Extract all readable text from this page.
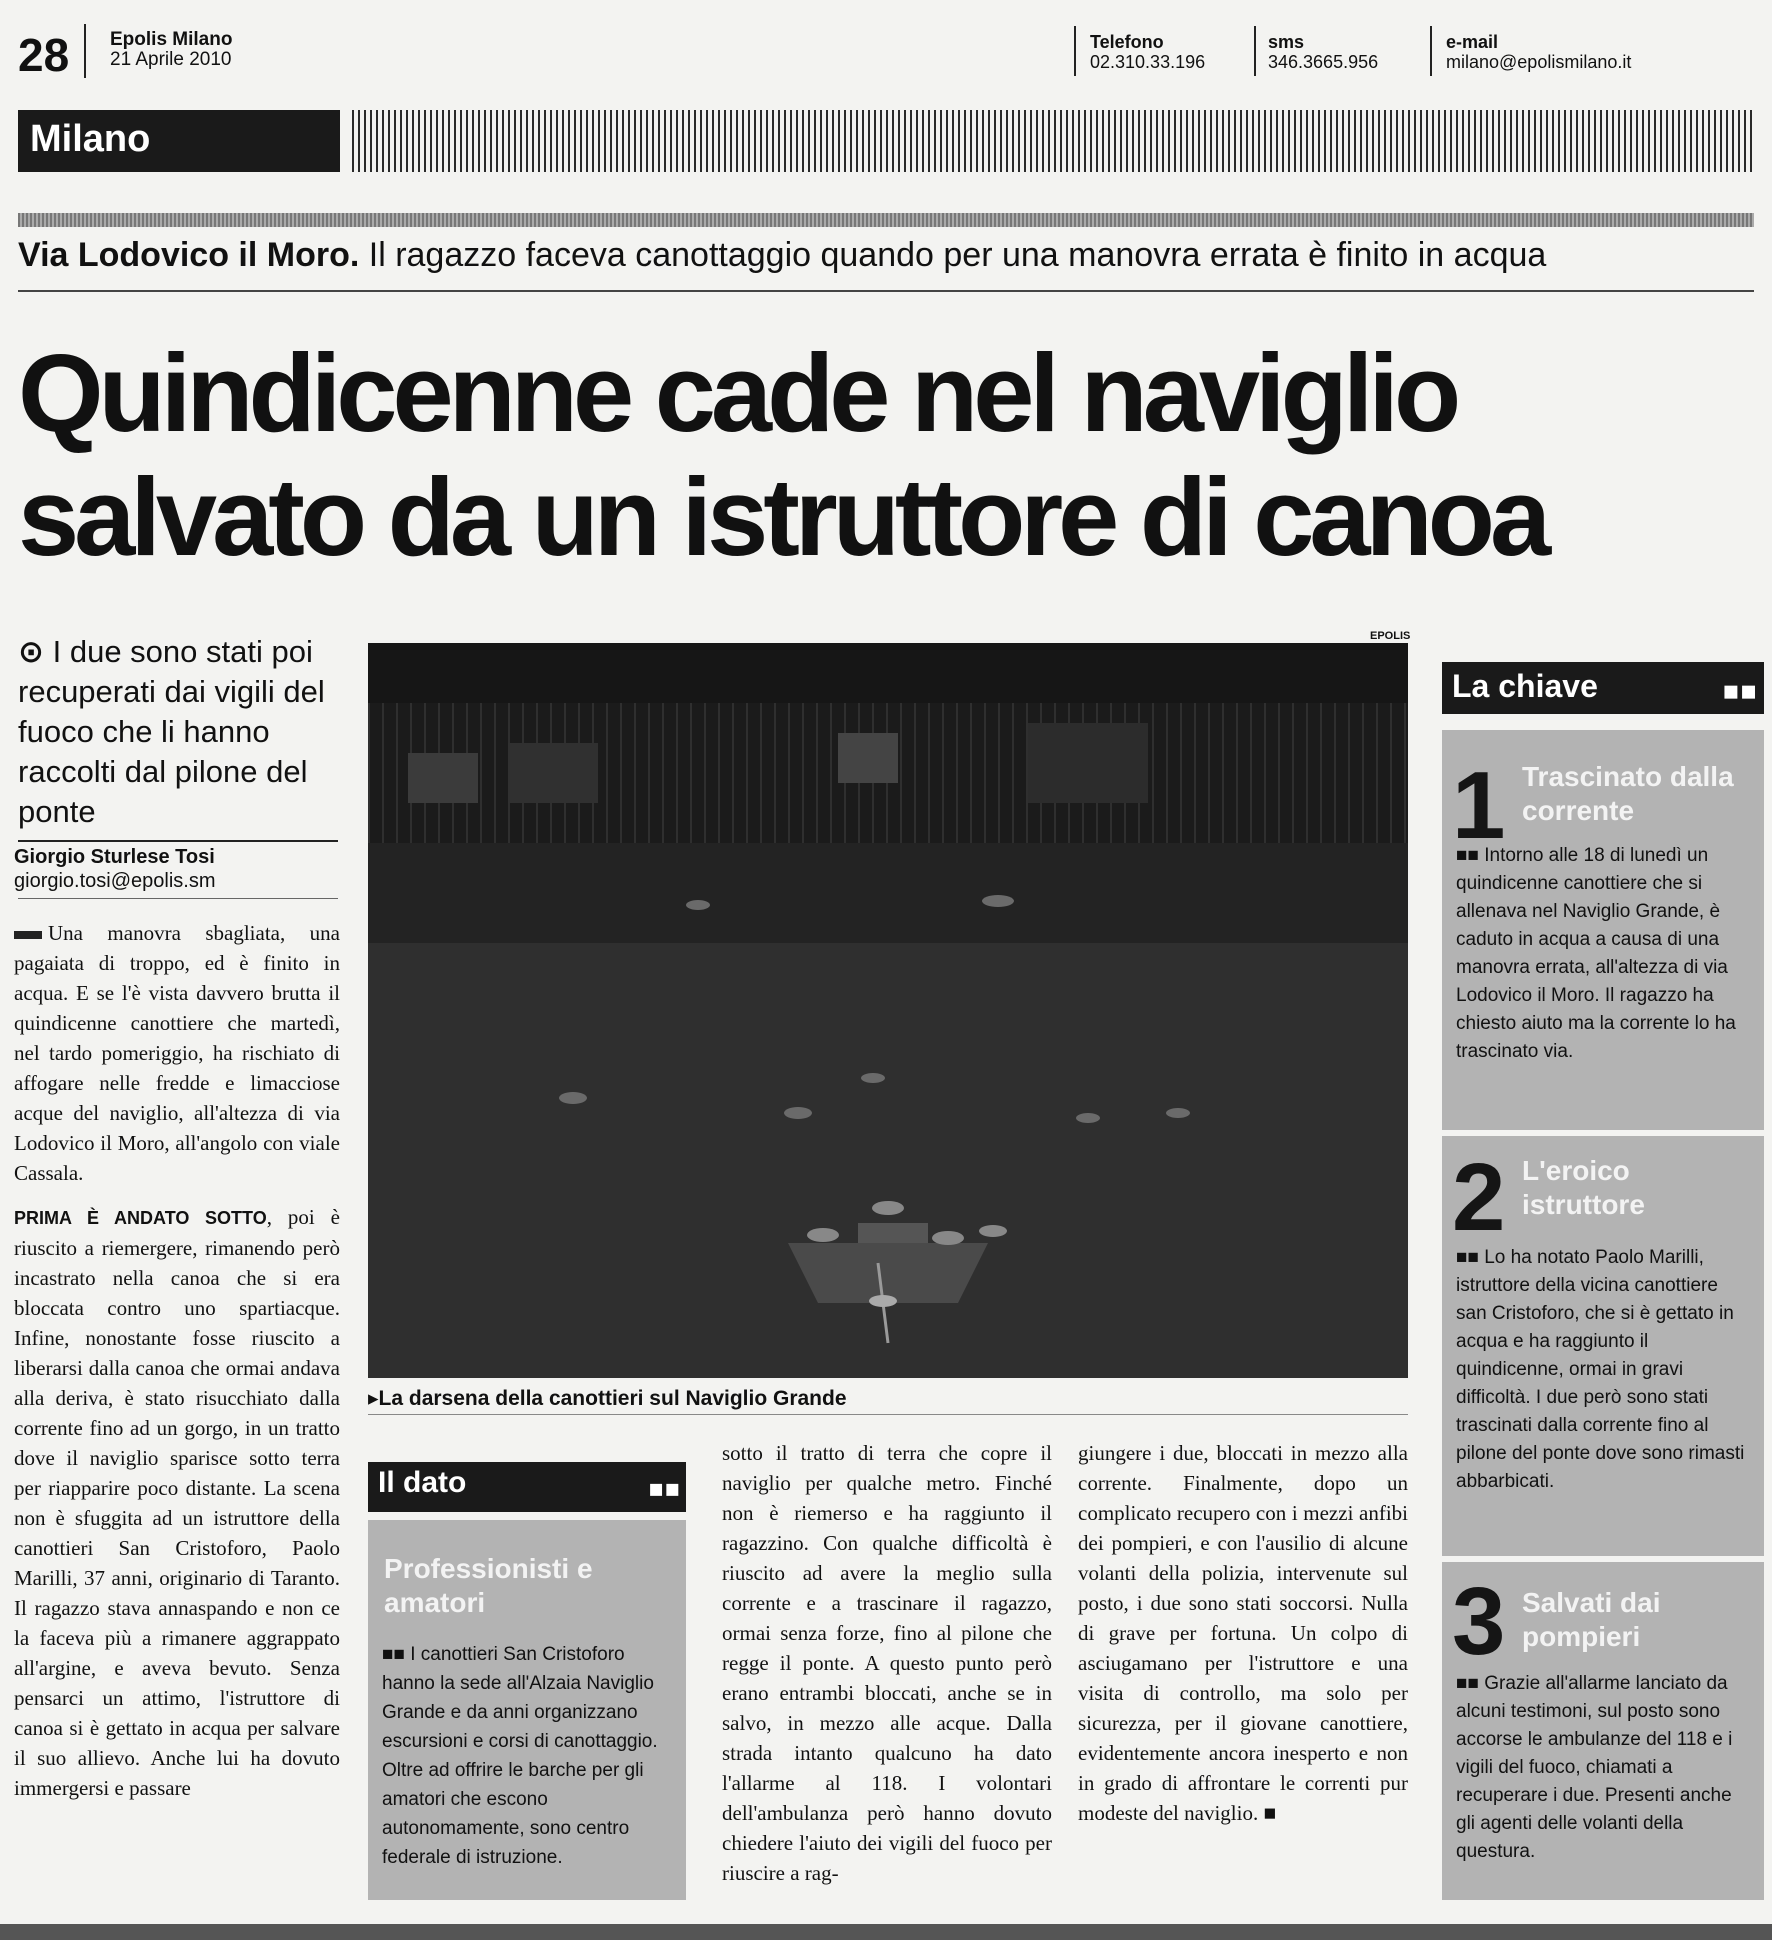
28 Epolis Milano
21 Aprile 2010
Telefono
02.310.33.196
sms
346.3665.956
e-mail
milano@epolismilano.it
Milano
Via Lodovico il Moro. Il ragazzo faceva canottaggio quando per una manovra errata è finito in acqua
Quindicenne cade nel naviglio
salvato da un istruttore di canoa
⊙ I due sono stati poi recuperati dai vigili del fuoco che li hanno raccolti dal pilone del ponte
Giorgio Sturlese Tosi
giorgio.tosi@epolis.sm

Una manovra sbagliata, una pagaiata di troppo, ed è finito in acqua. E se l'è vista davvero brutta il quindicenne canottiere che martedì, nel tardo pomeriggio, ha rischiato di affogare nelle fredde e limacciose acque del naviglio, all'altezza di via Lodovico il Moro, all'angolo con viale Cassala.

PRIMA È ANDATO SOTTO, poi è riuscito a riemergere, rimanendo però incastrato nella canoa che si era bloccata contro uno spartiacque. Infine, nonostante fosse riuscito a liberarsi dalla canoa che ormai andava alla deriva, è stato risucchiato dalla corrente fino ad un gorgo, in un tratto dove il naviglio sparisce sotto terra per riapparire poco distante. La scena non è sfuggita ad un istruttore della canottieri San Cristoforo, Paolo Marilli, 37 anni, originario di Taranto. Il ragazzo stava annaspando e non ce la faceva più a rimanere aggrappato all'argine, e aveva bevuto. Senza pensarci un attimo, l'istruttore di canoa si è gettato in acqua per salvare il suo allievo. Anche lui ha dovuto immergersi e passare

EPOLIS
▸La darsena della canottieri sul Naviglio Grande
Il dato	▪▪

Professionisti e amatori
■■ I canottieri San Cristoforo hanno la sede all'Alzaia Naviglio Grande e da anni organizzano escursioni e corsi di canottaggio. Oltre ad offrire le barche per gli amatori che escono autonomamente, sono centro federale di istruzione.

sotto il tratto di terra che copre il naviglio per qualche metro. Finché non è riemerso e ha raggiunto il ragazzino. Con qualche difficoltà è riuscito ad avere la meglio sulla corrente e a trascinare il ragazzo, ormai senza forze, fino al pilone che regge il ponte. A questo punto però erano entrambi bloccati, anche se in salvo, in mezzo alle acque. Dalla strada intanto qualcuno ha dato l'allarme al 118. I volontari dell'ambulanza però hanno dovuto chiedere l'aiuto dei vigili del fuoco per riuscire a rag-

giungere i due, bloccati in mezzo alla corrente. Finalmente, dopo un complicato recupero con i mezzi anfibi dei pompieri, e con l'ausilio di alcune volanti della polizia, intervenute sul posto, i due sono stati soccorsi. Nulla di grave per fortuna. Un colpo di asciugamano per l'istruttore e una visita di controllo, ma solo per sicurezza, per il giovane canottiere, evidentemente ancora inesperto e non in grado di affrontare le correnti pur modeste del naviglio. ■

La chiave	▪▪
1 Trascinato dalla corrente
■■ Intorno alle 18 di lunedì un quindicenne canottiere che si allenava nel Naviglio Grande, è caduto in acqua a causa di una manovra errata, all'altezza di via Lodovico il Moro. Il ragazzo ha chiesto aiuto ma la corrente lo ha trascinato via.
2 L'eroico istruttore
■■ Lo ha notato Paolo Marilli, istruttore della vicina canottiere san Cristoforo, che si è gettato in acqua e ha raggiunto il quindicenne, ormai in gravi difficoltà. I due però sono stati trascinati dalla corrente fino al pilone del ponte dove sono rimasti abbarbicati.
3 Salvati dai pompieri
■■ Grazie all'allarme lanciato da alcuni testimoni, sul posto sono accorse le ambulanze del 118 e i vigili del fuoco, chiamati a recuperare i due. Presenti anche gli agenti delle volanti della questura.
